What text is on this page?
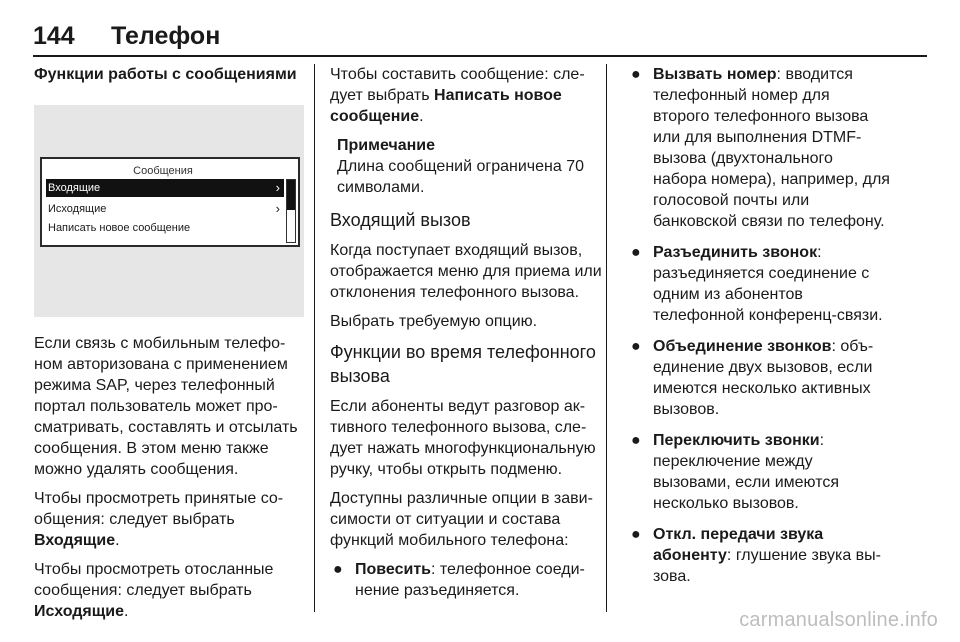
144 Телефон
Функции работы с сообщениями
Сообщения
Входящие	›
Исходящие	›
Написать новое сообщение

Если связь с мобильным телефоном авторизована с применением режима SAP, через телефонный портал пользователь может просматривать, составлять и отсылать сообщения. В этом меню также можно удалять сообщения.

Чтобы просмотреть принятые сообщения: следует выбрать Входящие.

Чтобы просмотреть отосланные сообщения: следует выбрать Исходящие.

Чтобы составить сообщение: следует выбрать Написать новое сообщение.

Примечание
Длина сообщений ограничена 70 символами.
Входящий вызов

Когда поступает входящий вызов, отображается меню для приема или отклонения телефонного вызова.

Выбрать требуемую опцию.

Функции во время телефонного вызова

Если абоненты ведут разговор активного телефонного вызова, следует нажать многофункциональную ручку, чтобы открыть подменю.

Доступны различные опции в зависимости от ситуации и состава функций мобильного телефона:

● Повесить: телефонное соединение разъединяется.
● Вызвать номер: вводится телефонный номер для второго телефонного вызова или для выполнения DTMF-вызова (двухтонального набора номера), например, для голосовой почты или банковской связи по телефону.
● Разъединить звонок: разъединяется соединение с одним из абонентов телефонной конференц-связи.
● Объединение звонков: объединение двух вызовов, если имеются несколько активных вызовов.
● Переключить звонки: переключение между вызовами, если имеются несколько вызовов.
● Откл. передачи звука абоненту: глушение звука вызова.
carmanualsonline.info
